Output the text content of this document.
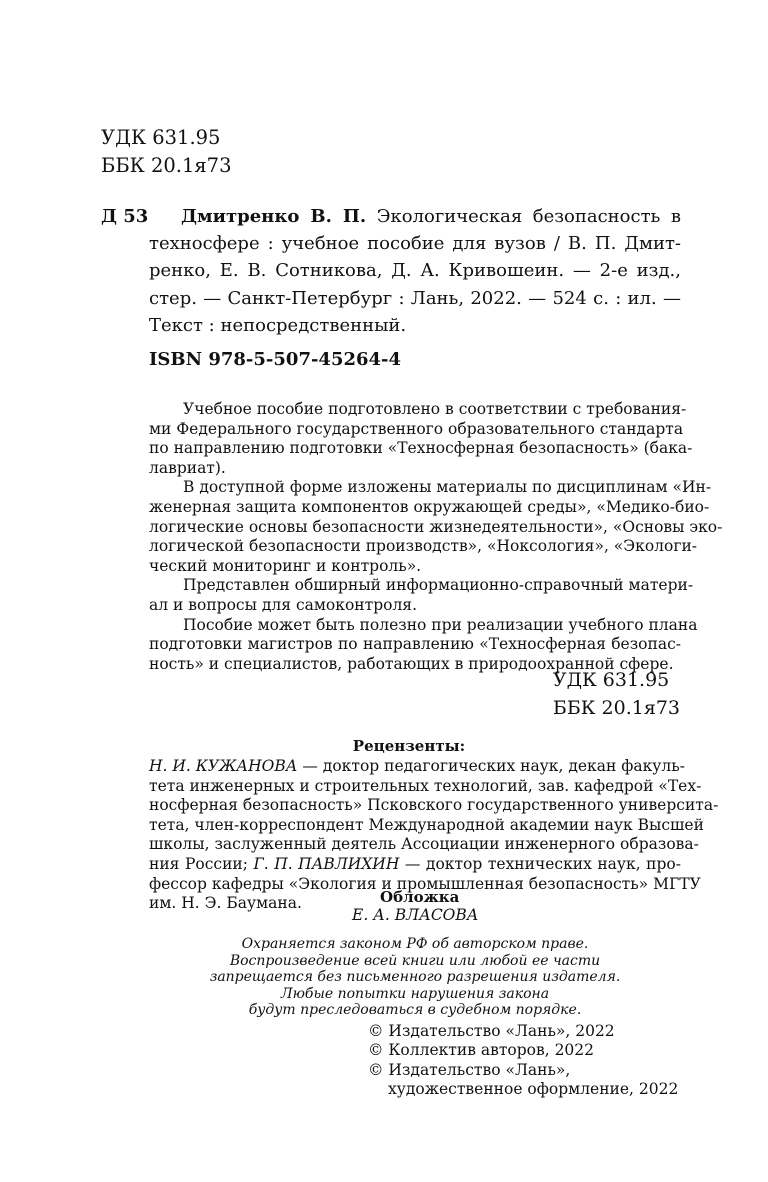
УДК 631.95
ББК 20.1я73
Д 53	Дмитренко В. П. Экологическая безопасность в
техносфере : учебное пособие для вузов / В. П. Дмит-
ренко, Е. В. Сотникова, Д. А. Кривошеин. — 2-е изд.,
стер. — Санкт-Петербург : Лань, 2022. — 524 с. : ил. —
Текст : непосредственный.
ISBN 978-5-507-45264-4
Учебное пособие подготовлено в соответствии с требования-
ми Федерального государственного образовательного стандарта
по направлению подготовки «Техносферная безопасность» (бака-
лавриат).
В доступной форме изложены материалы по дисциплинам «Ин-
женерная защита компонентов окружающей среды», «Медико-био-
логические основы безопасности жизнедеятельности», «Основы эко-
логической безопасности производств», «Ноксология», «Экологи-
ческий мониторинг и контроль».
Представлен обширный информационно-справочный матери-
ал и вопросы для самоконтроля.
Пособие может быть полезно при реализации учебного плана
подготовки магистров по направлению «Техносферная безопас-
ность» и специалистов, работающих в природоохранной сфере.
УДК 631.95
ББК 20.1я73
Рецензенты:
Н. И. КУЖАНОВА — доктор педагогических наук, декан факуль-
тета инженерных и строительных технологий, зав. кафедрой «Тех-
носферная безопасность» Псковского государственного университа-
тета, член-корреспондент Международной академии наук Высшей
школы, заслуженный деятель Ассоциации инженерного образова-
ния России; Г. П. ПАВЛИХИН — доктор технических наук, про-
фессор кафедры «Экология и промышленная безопасность» МГТУ
им. Н. Э. Баумана.	Обложка
Е. А. ВЛАСОВА
Охраняется законом РФ об авторском праве.
Воспроизведение всей книги или любой ее части
запрещается без письменного разрешения издателя.
Любые попытки нарушения закона
будут преследоваться в судебном порядке.
© Издательство «Лань», 2022
© Коллектив авторов, 2022
© Издательство «Лань»,
художественное оформление, 2022
